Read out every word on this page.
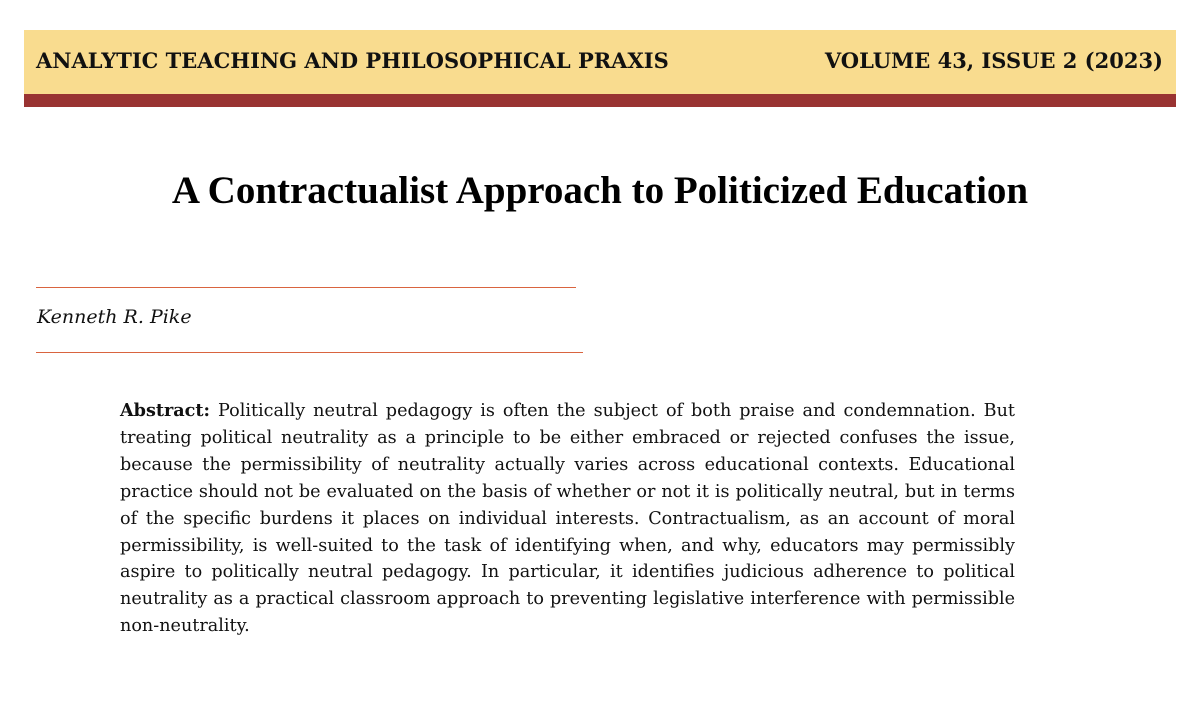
ANALYTIC TEACHING AND PHILOSOPHICAL PRAXIS	VOLUME 43, ISSUE 2 (2023)
A Contractualist Approach to Politicized Education
Kenneth R. Pike

Abstract: Politically neutral pedagogy is often the subject of both praise and condemnation. But treating political neutrality as a principle to be either embraced or rejected confuses the issue, because the permissibility of neutrality actually varies across educational contexts. Educational practice should not be evaluated on the basis of whether or not it is politically neutral, but in terms of the specific burdens it places on individual interests. Contractualism, as an account of moral permissibility, is well-suited to the task of identifying when, and why, educators may permissibly aspire to politically neutral pedagogy. In particular, it identifies judicious adherence to political neutrality as a practical classroom approach to preventing legislative interference with permissible non-neutrality.
